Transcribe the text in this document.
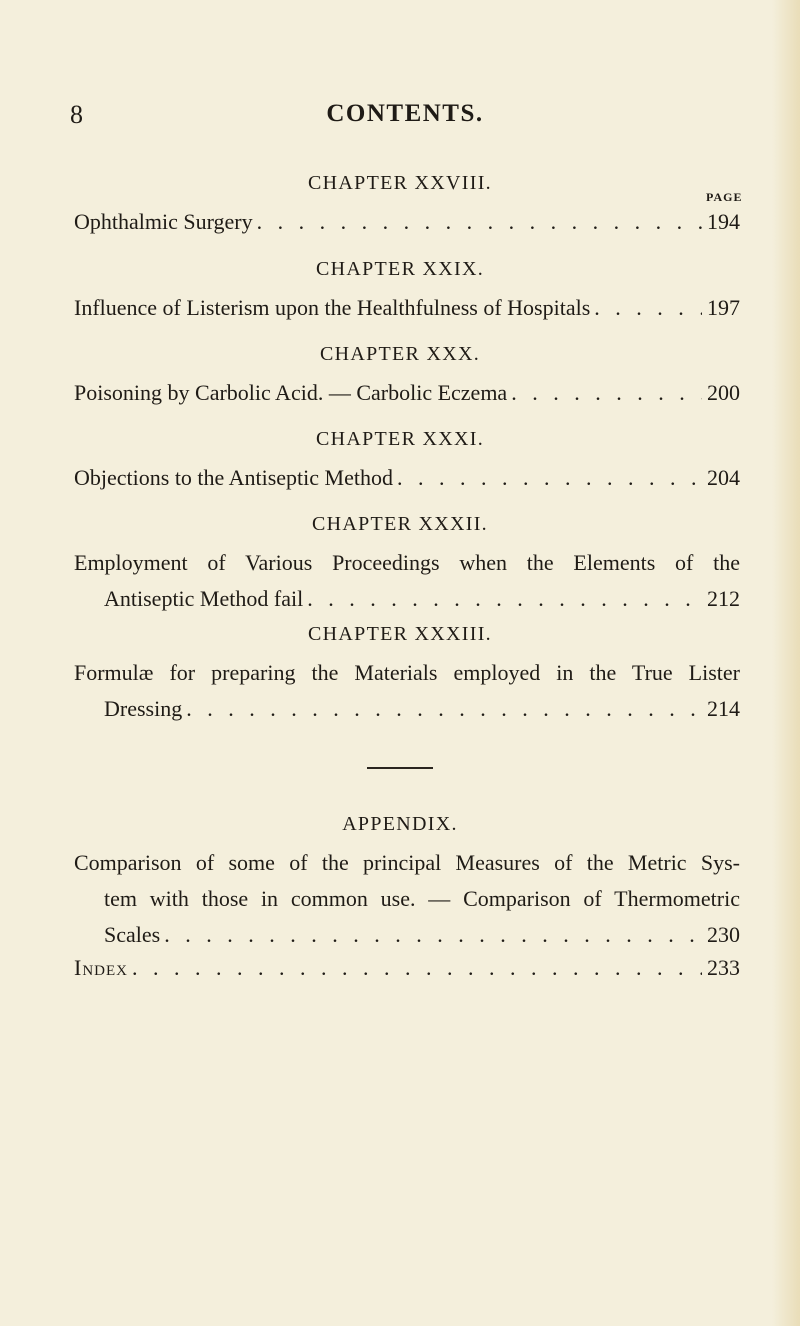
8	CONTENTS.
CHAPTER XXVIII.
PAGE
Ophthalmic Surgery . . .	194
CHAPTER XXIX.
Influence of Listerism upon the Healthfulness of Hospitals . . .	197
CHAPTER XXX.
Poisoning by Carbolic Acid. — Carbolic Eczema . . .	200
CHAPTER XXXI.
Objections to the Antiseptic Method . . .	204
CHAPTER XXXII.
Employment of Various Proceedings when the Elements of the
Antiseptic Method fail . . .	212
CHAPTER XXXIII.
Formulæ for preparing the Materials employed in the True Lister
Dressing . . .	214
APPENDIX.
Comparison of some of the principal Measures of the Metric Sys-
tem with those in common use. — Comparison of Thermometric
Scales . . .	230
Index . . .	233
